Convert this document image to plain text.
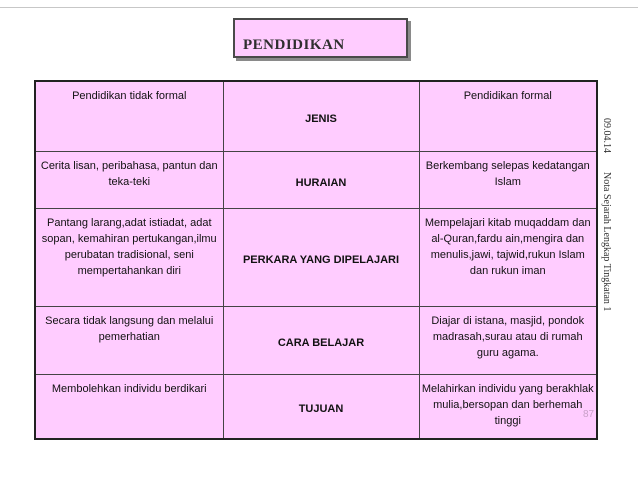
PENDIDIKAN
Pendidikan tidak formal	JENIS	Pendidikan formal
Cerita lisan, peribahasa, pantun dan teka-teki	HURAIAN	Berkembang selepas kedatangan Islam
Pantang larang,adat istiadat, adat sopan, kemahiran pertukangan,ilmu perubatan tradisional, seni mempertahankan diri	PERKARA YANG DIPELAJARI	Mempelajari kitab muqaddam dan al-Quran,fardu ain,mengira dan menulis,jawi, tajwid,rukun Islam dan rukun iman
Secara tidak langsung dan melalui pemerhatian	CARA BELAJAR	Diajar di istana, masjid, pondok madrasah,surau atau di rumah guru agama.
Membolehkan individu berdikari	TUJUAN	Melahirkan individu yang berakhlak mulia,bersopan dan berhemah tinggi
09.04.14 Nota Sejarah Lengkap Tingkatan 1
87
